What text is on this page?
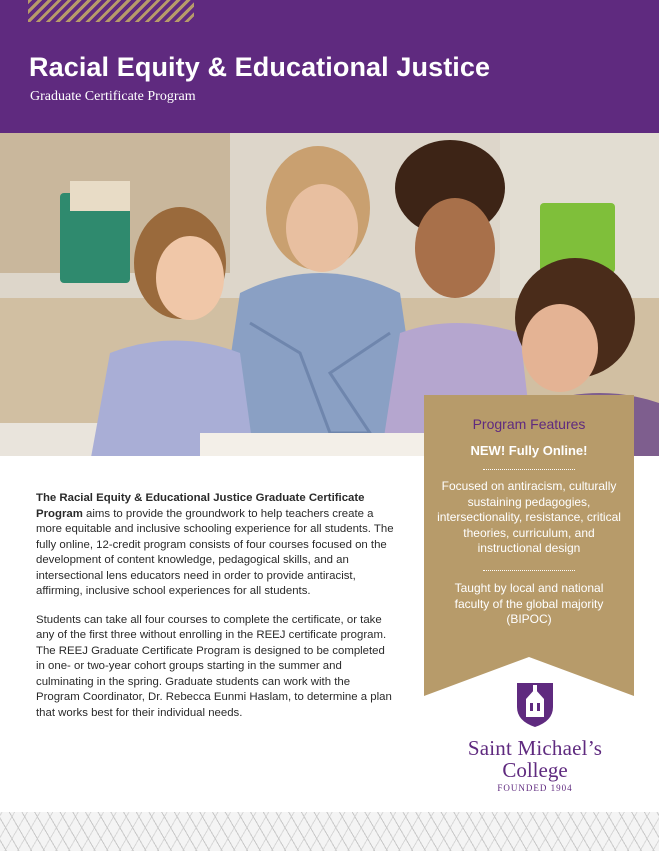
Racial Equity & Educational Justice
Graduate Certificate Program
Program Features
NEW! Fully Online!
Focused on antiracism, culturally sustaining pedagogies, intersectionality, resistance, critical theories, curriculum, and instructional design
Taught by local and national faculty of the global majority (BIPOC)

The Racial Equity & Educational Justice Graduate Certificate Program aims to provide the groundwork to help teachers create a more equitable and inclusive schooling experience for all students. The fully online, 12-credit program consists of four courses focused on the development of content knowledge, pedagogical skills, and an intersectional lens educators need in order to provide antiracist, affirming, inclusive school experiences for all students.

Students can take all four courses to complete the certificate, or take any of the first three without enrolling in the REEJ certificate program. The REEJ Graduate Certificate Program is designed to be completed in one- or two-year cohort groups starting in the summer and culminating in the spring. Graduate students can work with the Program Coordinator, Dr. Rebecca Eunmi Haslam, to determine a plan that works best for their individual needs.

Saint Michael’s
College
FOUNDED 1904
